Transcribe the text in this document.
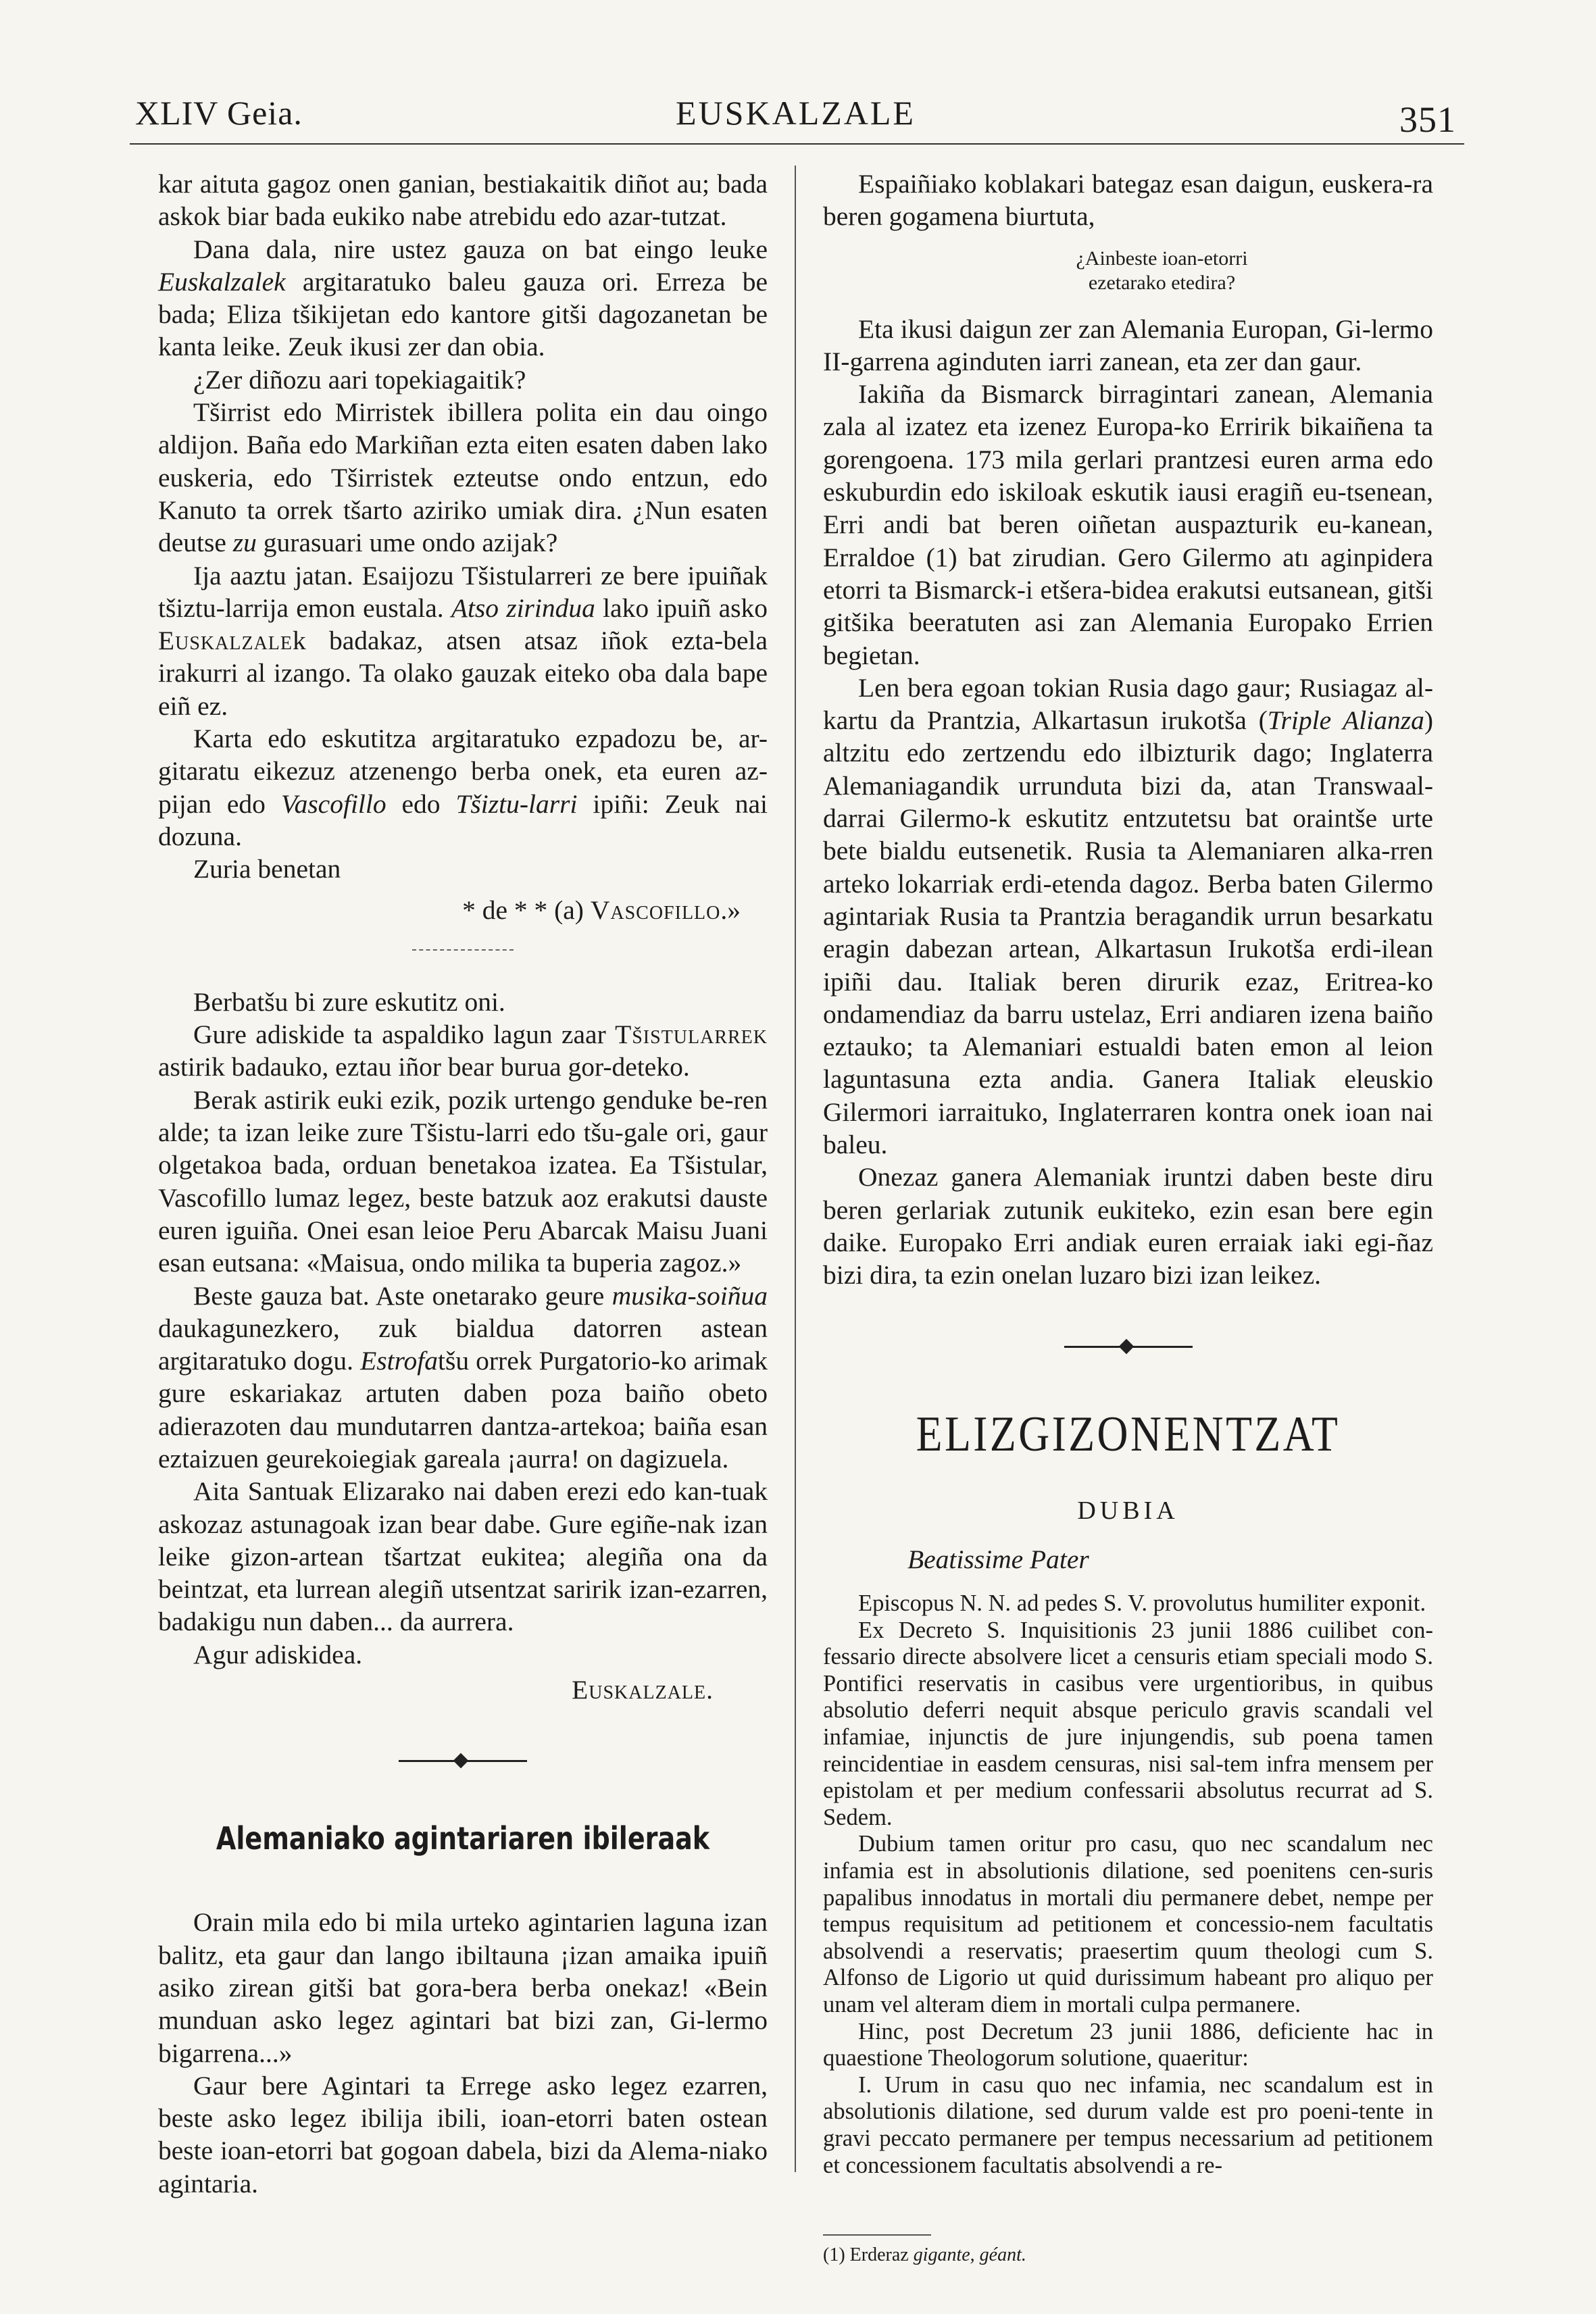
XLIV Geia.	EUSKALZALE	351

kar aituta gagoz onen ganian, bestiakaitik diñot au; bada askok biar bada eukiko nabe atrebidu edo azar-tutzat.

Dana dala, nire ustez gauza on bat eingo leuke Euskalzalek argitaratuko baleu gauza ori. Erreza be bada; Eliza tšikijetan edo kantore gitši dagozanetan be kanta leike. Zeuk ikusi zer dan obia.

¿Zer diñozu aari topekiagaitik?

Tširrist edo Mirristek ibillera polita ein dau oingo aldijon. Baña edo Markiñan ezta eiten esaten daben lako euskeria, edo Tširristek ezteutse ondo entzun, edo Kanuto ta orrek tšarto aziriko umiak dira. ¿Nun esaten deutse zu gurasuari ume ondo azijak?

Ija aaztu jatan. Esaijozu Tšistularreri ze bere ipuiñak tšiztu-larrija emon eustala. Atso zirindua lako ipuiñ asko Euskalzalek badakaz, atsen atsaz iñok ezta-bela irakurri al izango. Ta olako gauzak eiteko oba dala bape eiñ ez.

Karta edo eskutitza argitaratuko ezpadozu be, ar-gitaratu eikezuz atzenengo berba onek, eta euren az-pijan edo Vascofillo edo Tšiztu-larri ipiñi: Zeuk nai dozuna.

Zuria benetan

* de * * (a) Vascofillo.»

Berbatšu bi zure eskutitz oni.

Gure adiskide ta aspaldiko lagun zaar Tšistularrek astirik badauko, eztau iñor bear burua gor-deteko.

Berak astirik euki ezik, pozik urtengo genduke be-ren alde; ta izan leike zure Tšistu-larri edo tšu-gale ori, gaur olgetakoa bada, orduan benetakoa izatea. Ea Tšistular, Vascofillo lumaz legez, beste batzuk aoz erakutsi dauste euren iguiña. Onei esan leioe Peru Abarcak Maisu Juani esan eutsana: «Maisua, ondo milika ta buperia zagoz.»

Beste gauza bat. Aste onetarako geure musika-soiñua daukagunezkero, zuk bialdua datorren astean argitaratuko dogu. Estrofatšu orrek Purgatorio-ko arimak gure eskariakaz artuten daben poza baiño obeto adierazoten dau mundutarren dantza-artekoa; baiña esan eztaizuen geurekoiegiak gareala ¡aurra! on dagizuela.

Aita Santuak Elizarako nai daben erezi edo kan-tuak askozaz astunagoak izan bear dabe. Gure egiñe-nak izan leike gizon-artean tšartzat eukitea; alegiña ona da beintzat, eta lurrean alegiñ utsentzat saririk izan-ezarren, badakigu nun daben... da aurrera.

Agur adiskidea.

Euskalzale.

Alemaniako agintariaren ibileraak

Orain mila edo bi mila urteko agintarien laguna izan balitz, eta gaur dan lango ibiltauna ¡izan amaika ipuiñ asiko zirean gitši bat gora-bera berba onekaz! «Bein munduan asko legez agintari bat bizi zan, Gi-lermo bigarrena...»

Gaur bere Agintari ta Erregе asko legez ezarren, beste asko legez ibilija ibili, ioan-etorri baten ostean beste ioan-etorri bat gogoan dabela, bizi da Alema-niako agintaria.

Espaiñiako koblakari bategaz esan daigun, euskera-ra beren gogamena biurtuta,

¿Ainbeste ioan-etorri
ezetarako etedira?

Eta ikusi daigun zer zan Alemania Europan, Gi-lermo II-garrena aginduten iarri zanean, eta zer dan gaur.

Iakiña da Bismarck birragintari zanean, Alemania zala al izatez eta izenez Europa-ko Erririk bikaiñena ta gorengoena. 173 mila gerlari prantzesi euren arma edo eskuburdin edo iskiloak eskutik iausi eragiñ eu-tsenean, Erri andi bat beren oiñetan auspazturik eu-kanean, Erraldoe (1) bat zirudian. Gero Gilermo atı aginpidera etorri ta Bismarck-i etšera-bidea erakutsi eutsanean, gitši gitšika beeratuten asi zan Alemania Europako Errien begietan.

Len bera egoan tokian Rusia dago gaur; Rusiagaz al-kartu da Prantzia, Alkartasun irukotša (Triple Alianza) altzitu edo zertzendu edo ilbizturik dago; Inglaterra Alemaniagandik urrunduta bizi da, atan Transwaal-darrai Gilermo-k eskutitz entzutetsu bat oraintše urte bete bialdu eutsenetik. Rusia ta Alemaniaren alka-rren arteko lokarriak erdi-etenda dagoz. Berba baten Gilermo agintariak Rusia ta Prantzia beragandik urrun besarkatu eragin dabezan artean, Alkartasun Irukotša erdi-ilean ipiñi dau. Italiak beren dirurik ezaz, Eritrea-ko ondamendiaz da barru ustelaz, Erri andiaren izena baiño eztauko; ta Alemaniari estualdi baten emon al leion laguntasuna ezta andia. Ganera Italiak eleuskio Gilermori iarraituko, Inglaterraren kontra onek ioan nai baleu.

Onezaz ganera Alemaniak iruntzi daben beste diru beren gerlariak zutunik eukiteko, ezin esan bere egin daike. Europako Erri andiak euren erraiak iaki egi-ñaz bizi dira, ta ezin onelan luzaro bizi izan leikez.

ELIZGIZONENTZAT
DUBIA
Beatissime Pater

Episcopus N. N. ad pedes S. V. provolutus humiliter exponit.

Ex Decreto S. Inquisitionis 23 junii 1886 cuilibet con-fessario directe absolvere licet a censuris etiam speciali modo S. Pontifici reservatis in casibus vere urgentioribus, in quibus absolutio deferri nequit absque periculo gravis scandali vel infamiae, injunctis de jure injungendis, sub poena tamen reincidentiae in easdem censuras, nisi sal-tem infra mensem per epistolam et per medium confessarii absolutus recurrat ad S. Sedem.

Dubium tamen oritur pro casu, quo nec scandalum nec infamia est in absolutionis dilatione, sed poenitens cen-suris papalibus innodatus in mortali diu permanere debet, nempe per tempus requisitum ad petitionem et concessio-nem facultatis absolvendi a reservatis; praesertim quum theologi cum S. Alfonso de Ligorio ut quid durissimum habeant pro aliquo per unam vel alteram diem in mortali culpa permanere.

Hinc, post Decretum 23 junii 1886, deficiente hac in quaestione Theologorum solutione, quaeritur:

I. Urum in casu quo nec infamia, nec scandalum est in absolutionis dilatione, sed durum valde est pro poeni-tente in gravi peccato permanere per tempus necessarium ad petitionem et concessionem facultatis absolvendi a re-

(1) Erderaz gigante, géant.
